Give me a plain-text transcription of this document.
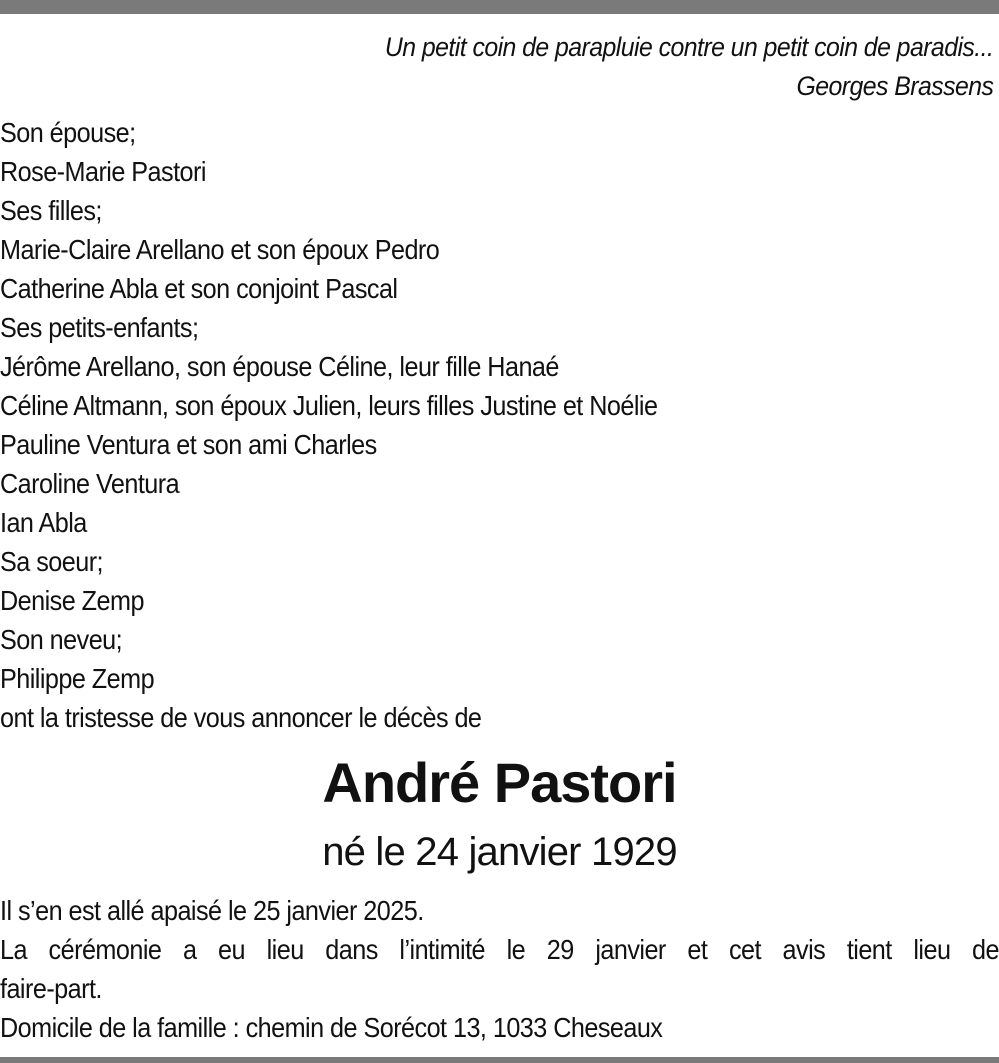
Un petit coin de parapluie contre un petit coin de paradis...
Georges Brassens
Son épouse;
Rose-Marie Pastori
Ses filles;
Marie-Claire Arellano et son époux Pedro
Catherine Abla et son conjoint Pascal
Ses petits-enfants;
Jérôme Arellano, son épouse Céline, leur fille Hanaé
Céline Altmann, son époux Julien, leurs filles Justine et Noélie
Pauline Ventura et son ami Charles
Caroline Ventura
Ian Abla
Sa soeur;
Denise Zemp
Son neveu;
Philippe Zemp
ont la tristesse de vous annoncer le décès de
André Pastori
né le 24 janvier 1929
Il s’en est allé apaisé le 25 janvier 2025.
La cérémonie a eu lieu dans l’intimité le 29 janvier et cet avis tient lieu de
faire-part.
Domicile de la famille : chemin de Sorécot 13, 1033 Cheseaux
